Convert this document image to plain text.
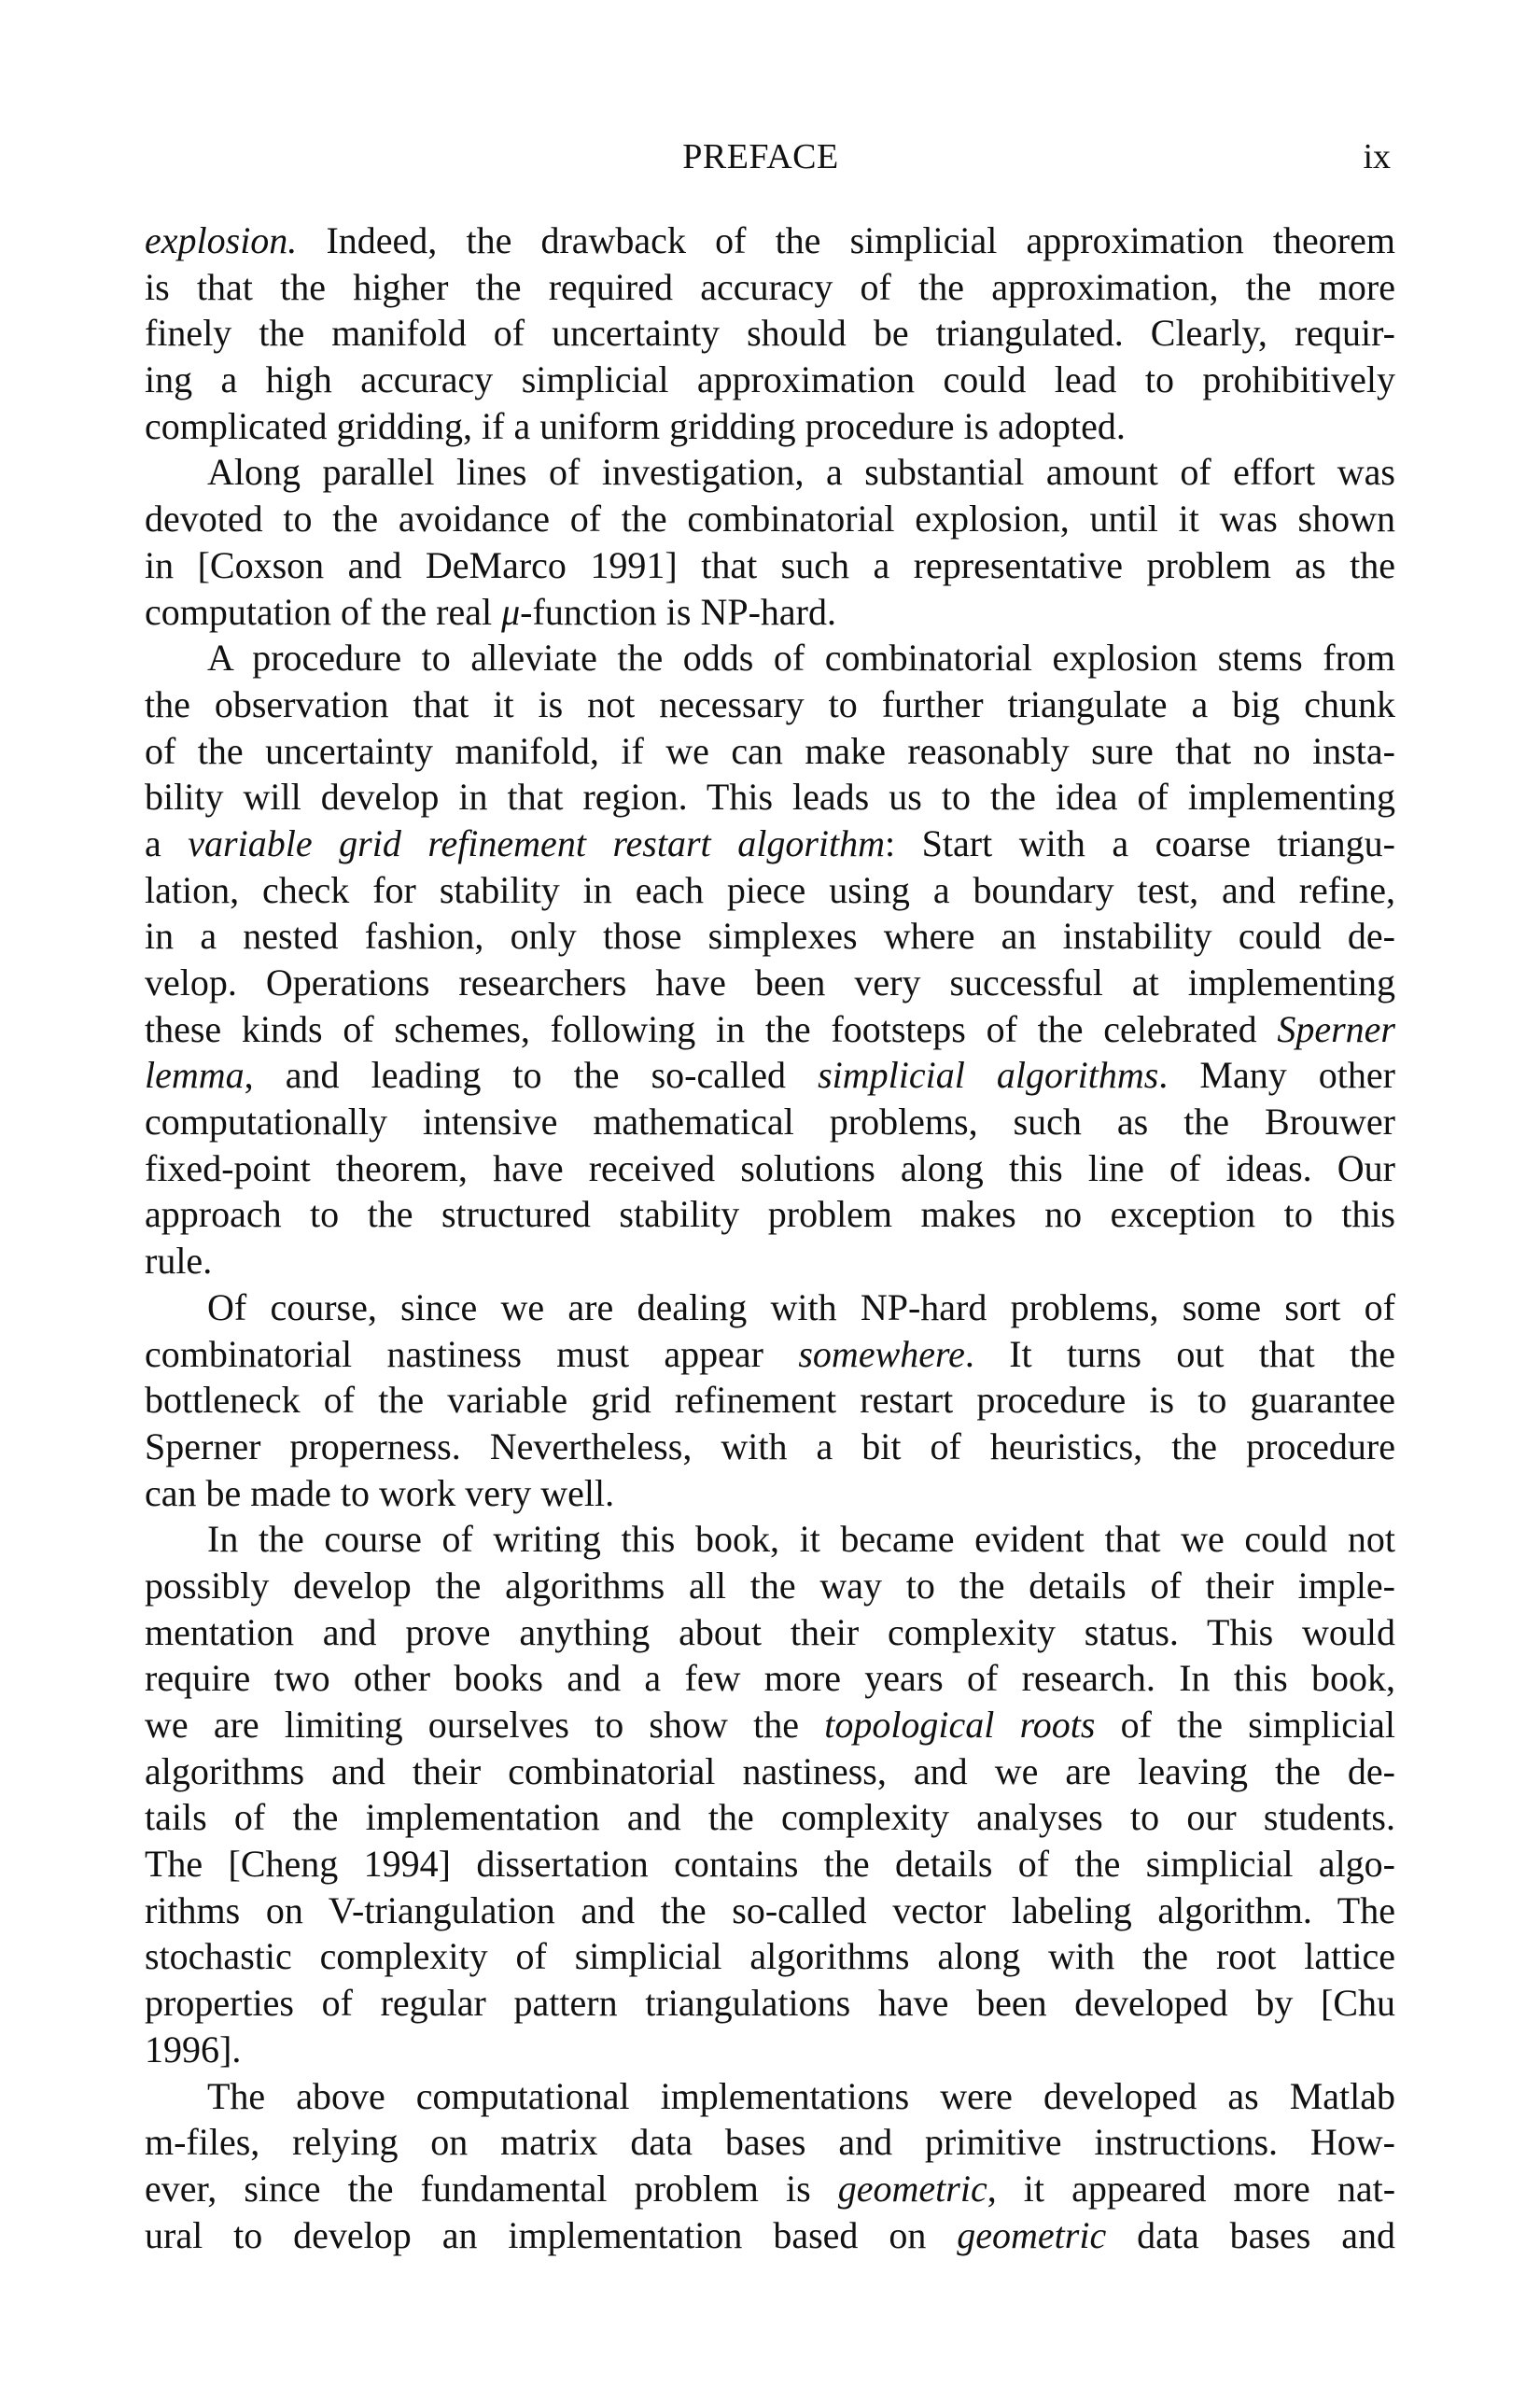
PREFACE	ix
explosion. Indeed, the drawback of the simplicial approximation theorem
is that the higher the required accuracy of the approximation, the more
finely the manifold of uncertainty should be triangulated. Clearly, requir-
ing a high accuracy simplicial approximation could lead to prohibitively
complicated gridding, if a uniform gridding procedure is adopted.
Along parallel lines of investigation, a substantial amount of effort was
devoted to the avoidance of the combinatorial explosion, until it was shown
in [Coxson and DeMarco 1991] that such a representative problem as the
computation of the real μ-function is NP-hard.
A procedure to alleviate the odds of combinatorial explosion stems from
the observation that it is not necessary to further triangulate a big chunk
of the uncertainty manifold, if we can make reasonably sure that no insta-
bility will develop in that region. This leads us to the idea of implementing
a variable grid refinement restart algorithm: Start with a coarse triangu-
lation, check for stability in each piece using a boundary test, and refine,
in a nested fashion, only those simplexes where an instability could de-
velop. Operations researchers have been very successful at implementing
these kinds of schemes, following in the footsteps of the celebrated Sperner
lemma, and leading to the so-called simplicial algorithms. Many other
computationally intensive mathematical problems, such as the Brouwer
fixed-point theorem, have received solutions along this line of ideas. Our
approach to the structured stability problem makes no exception to this
rule.
Of course, since we are dealing with NP-hard problems, some sort of
combinatorial nastiness must appear somewhere. It turns out that the
bottleneck of the variable grid refinement restart procedure is to guarantee
Sperner properness. Nevertheless, with a bit of heuristics, the procedure
can be made to work very well.
In the course of writing this book, it became evident that we could not
possibly develop the algorithms all the way to the details of their imple-
mentation and prove anything about their complexity status. This would
require two other books and a few more years of research. In this book,
we are limiting ourselves to show the topological roots of the simplicial
algorithms and their combinatorial nastiness, and we are leaving the de-
tails of the implementation and the complexity analyses to our students.
The [Cheng 1994] dissertation contains the details of the simplicial algo-
rithms on V-triangulation and the so-called vector labeling algorithm. The
stochastic complexity of simplicial algorithms along with the root lattice
properties of regular pattern triangulations have been developed by [Chu
1996].
The above computational implementations were developed as Matlab
m-files, relying on matrix data bases and primitive instructions. How-
ever, since the fundamental problem is geometric, it appeared more nat-
ural to develop an implementation based on geometric data bases and
